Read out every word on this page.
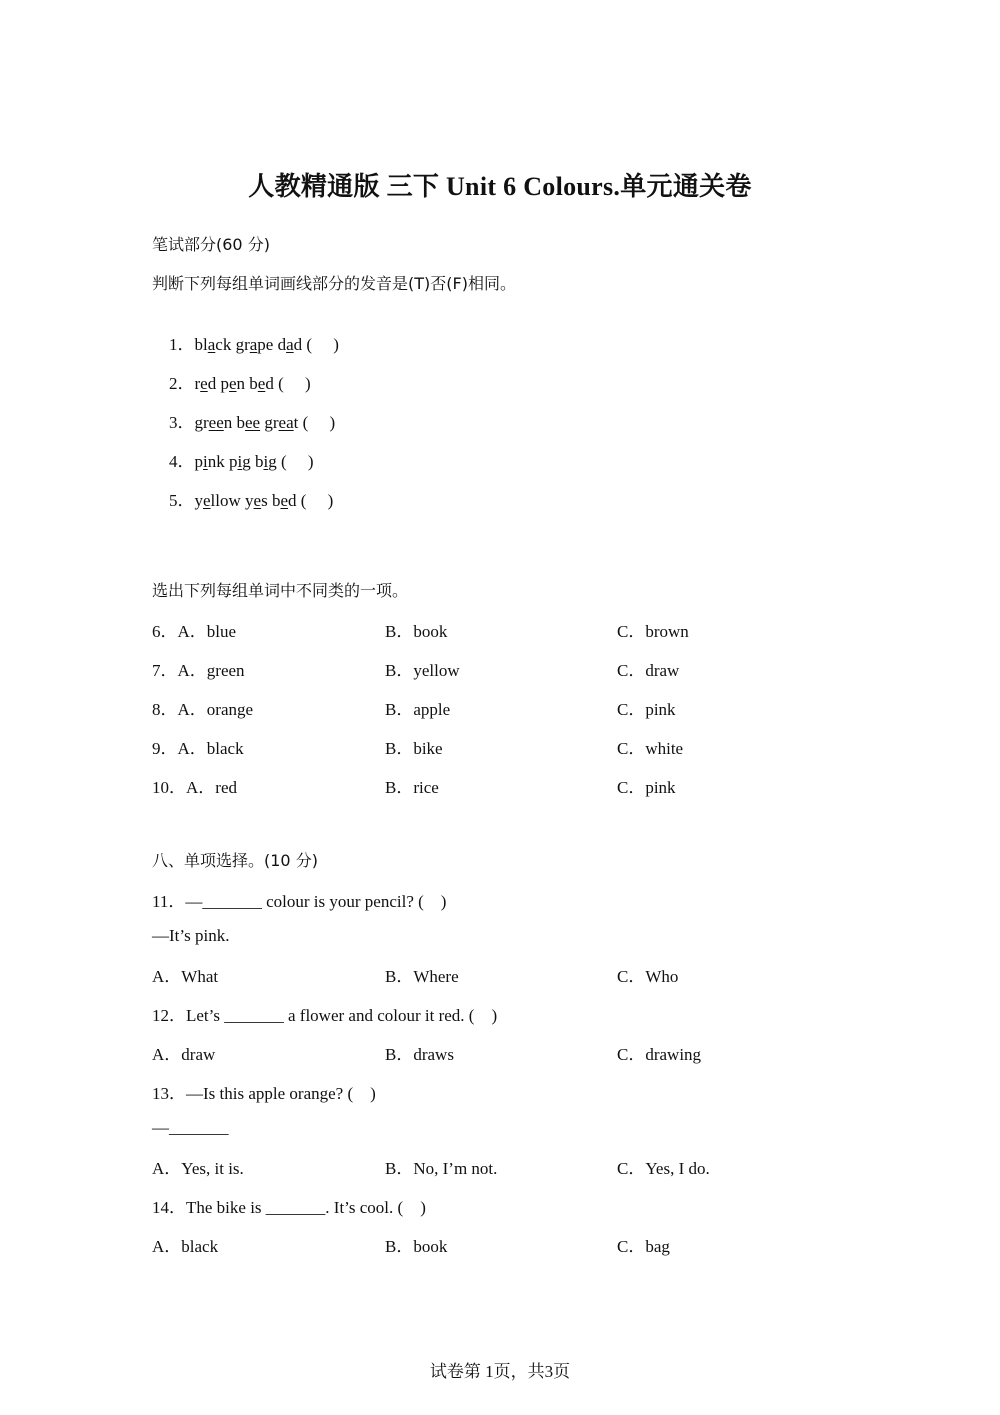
人教精通版 三下 Unit 6 Colours.单元通关卷
笔试部分(60 分)
判断下列每组单词画线部分的发音是(T)否(F)相同。

1．black grape dad (     )

2．red pen bed (     )

3．green bee great (     )

4．pink pig big (     )

5．yellow yes bed (     )

选出下列每组单词中不同类的一项。
6．A．blue	B．book	C．brown
7．A．green	B．yellow	C．draw
8．A．orange	B．apple	C．pink
9．A．black	B．bike	C．white
10．A．red	B．rice	C．pink
八、单项选择。(10 分)
11．—_______ colour is your pencil? (    )
—It’s pink.
A．What	B．Where	C．Who
12．Let’s _______ a flower and colour it red. (    )
A．draw	B．draws	C．drawing
13．—Is this apple orange? (    )
—_______
A．Yes, it is.	B．No, I’m not.	C．Yes, I do.
14．The bike is _______. It’s cool. (    )
A．black	B．book	C．bag
试卷第 1页，共3页
